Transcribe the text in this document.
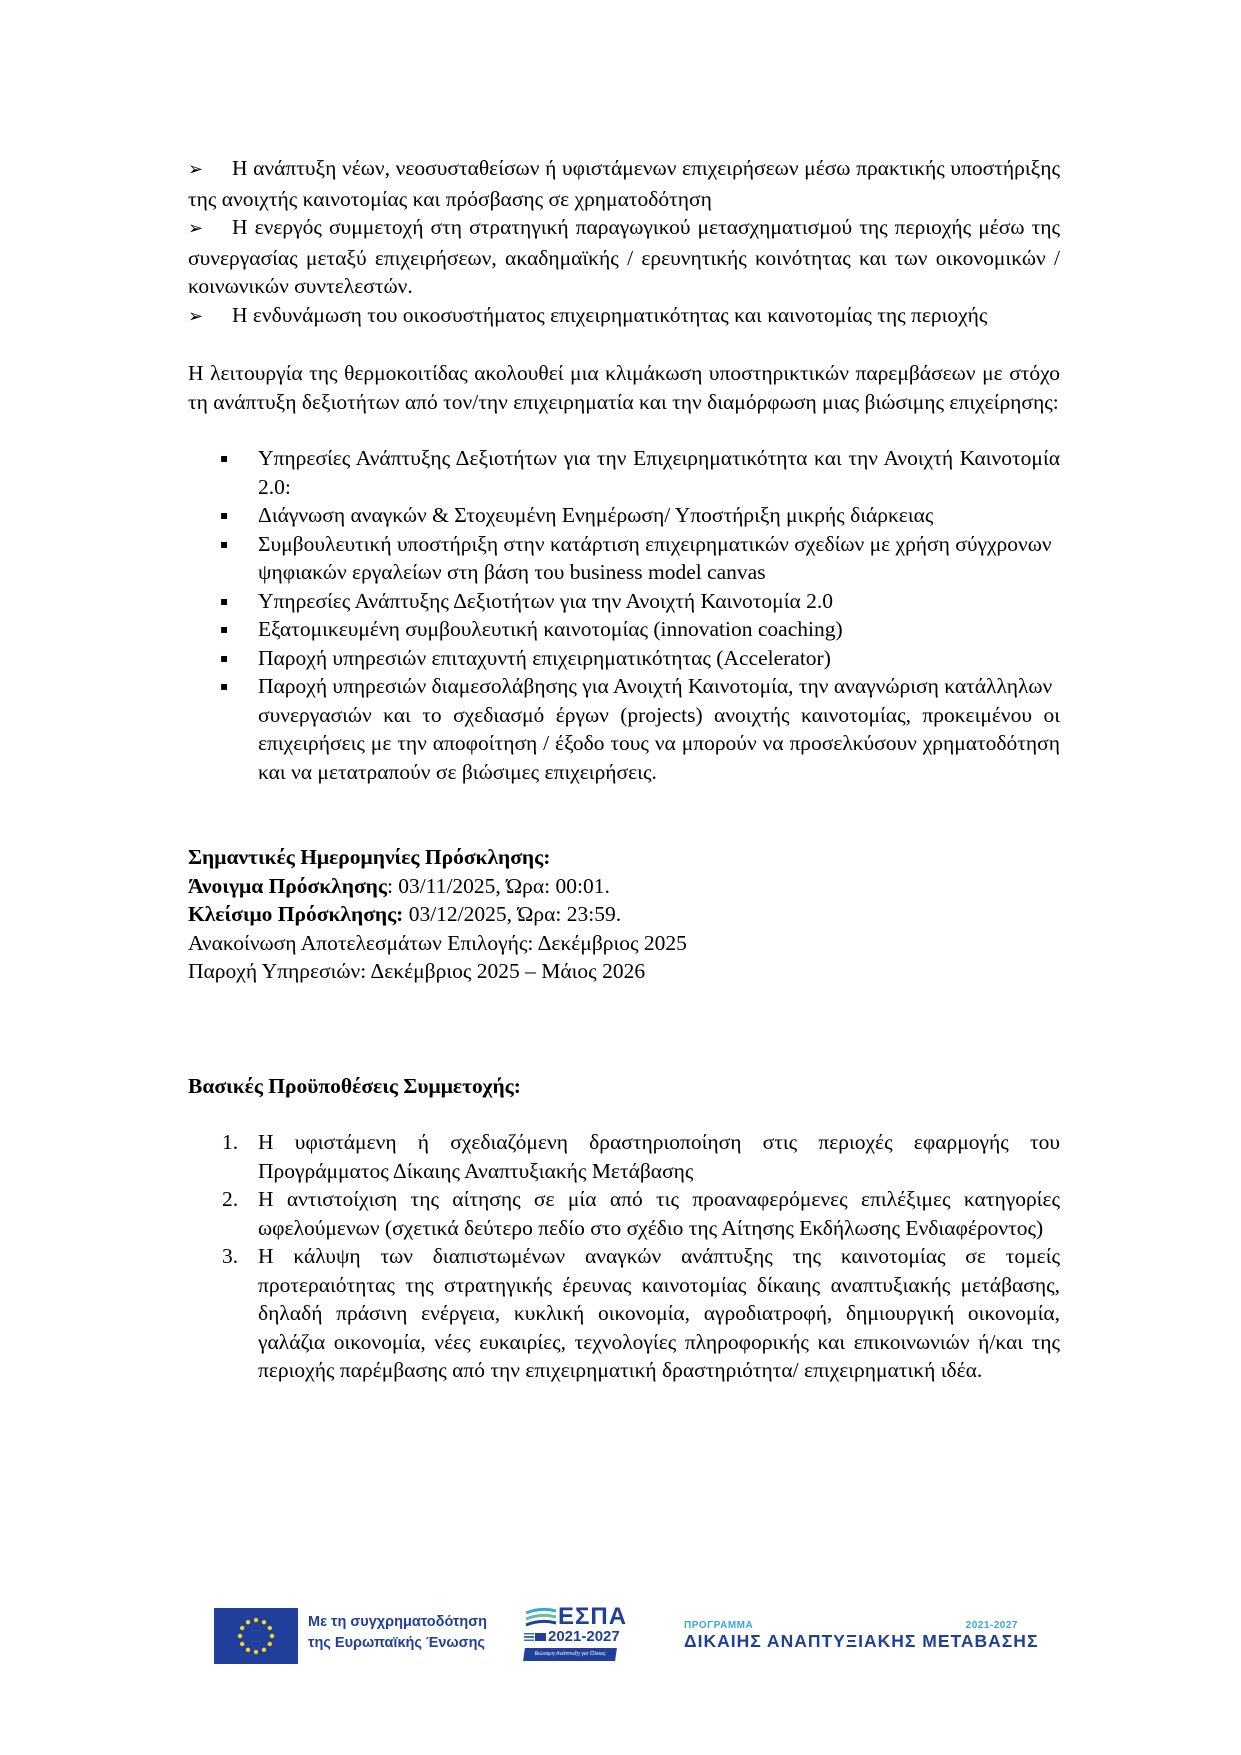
➢ Η ανάπτυξη νέων, νεοσυσταθείσων ή υφιστάμενων επιχειρήσεων μέσω πρακτικής υποστήριξης της ανοιχτής καινοτομίας και πρόσβασης σε χρηματοδότηση

➢ Η ενεργός συμμετοχή στη στρατηγική παραγωγικού μετασχηματισμού της περιοχής μέσω της συνεργασίας μεταξύ επιχειρήσεων, ακαδημαϊκής / ερευνητικής κοινότητας και των οικονομικών / κοινωνικών συντελεστών.

➢ Η ενδυνάμωση του οικοσυστήματος επιχειρηματικότητας και καινοτομίας της περιοχής

Η λειτουργία της θερμοκοιτίδας ακολουθεί μια κλιμάκωση υποστηρικτικών παρεμβάσεων με στόχο τη ανάπτυξη δεξιοτήτων από τον/την επιχειρηματία και την διαμόρφωση μιας βιώσιμης επιχείρησης:

▪ Υπηρεσίες Ανάπτυξης Δεξιοτήτων για την Επιχειρηματικότητα και την Ανοιχτή Καινοτομία 2.0:
▪ Διάγνωση αναγκών & Στοχευμένη Ενημέρωση/ Υποστήριξη μικρής διάρκειας
▪ Συμβουλευτική υποστήριξη στην κατάρτιση επιχειρηματικών σχεδίων με χρήση σύγχρονων
ψηφιακών εργαλείων στη βάση του business model canvas
▪ Υπηρεσίες Ανάπτυξης Δεξιοτήτων για την Ανοιχτή Καινοτομία 2.0
▪ Εξατομικευμένη συμβουλευτική καινοτομίας (innovation coaching)
▪ Παροχή υπηρεσιών επιταχυντή επιχειρηματικότητας (Accelerator)
▪ Παροχή υπηρεσιών διαμεσολάβησης για Ανοιχτή Καινοτομία, την αναγνώριση κατάλληλων
συνεργασιών και το σχεδιασμό έργων (projects) ανοιχτής καινοτομίας, προκειμένου οι επιχειρήσεις με την αποφοίτηση / έξοδο τους να μπορούν να προσελκύσουν χρηματοδότηση και να μετατραπούν σε βιώσιμες επιχειρήσεις.

Σημαντικές Ημερομηνίες Πρόσκλησης:

Άνοιγμα Πρόσκλησης: 03/11/2025, Ώρα: 00:01.

Κλείσιμο Πρόσκλησης: 03/12/2025, Ώρα: 23:59.

Ανακοίνωση Αποτελεσμάτων Επιλογής: Δεκέμβριος 2025

Παροχή Υπηρεσιών: Δεκέμβριος 2025 – Μάιος 2026

Βασικές Προϋποθέσεις Συμμετοχής:

1. Η υφιστάμενη ή σχεδιαζόμενη δραστηριοποίηση στις περιοχές εφαρμογής του Προγράμματος Δίκαιης Αναπτυξιακής Μετάβασης
2. Η αντιστοίχιση της αίτησης σε μία από τις προαναφερόμενες επιλέξιμες κατηγορίες ωφελούμενων (σχετικά δεύτερο πεδίο στο σχέδιο της Αίτησης Εκδήλωσης Ενδιαφέροντος)
3. Η κάλυψη των διαπιστωμένων αναγκών ανάπτυξης της καινοτομίας σε τομείς προτεραιότητας της στρατηγικής έρευνας καινοτομίας δίκαιης αναπτυξιακής μετάβασης, δηλαδή πράσινη ενέργεια, κυκλική οικονομία, αγροδιατροφή, δημιουργική οικονομία, γαλάζια οικονομία, νέες ευκαιρίες, τεχνολογίες πληροφορικής και επικοινωνιών ή/και της περιοχής παρέμβασης από την επιχειρηματική δραστηριότητα/ επιχειρηματική ιδέα.
Με τη συγχρηματοδότηση
της Ευρωπαϊκής Ένωσης
ΕΣΠΑ
2021-2027
Βιώσιμη Ανάπτυξη για Όλους
ΠΡΟΓΡΑΜΜΑ	2021-2027
ΔΙΚΑΙΗΣ ΑΝΑΠΤΥΞΙΑΚΗΣ ΜΕΤΑΒΑΣΗΣ
